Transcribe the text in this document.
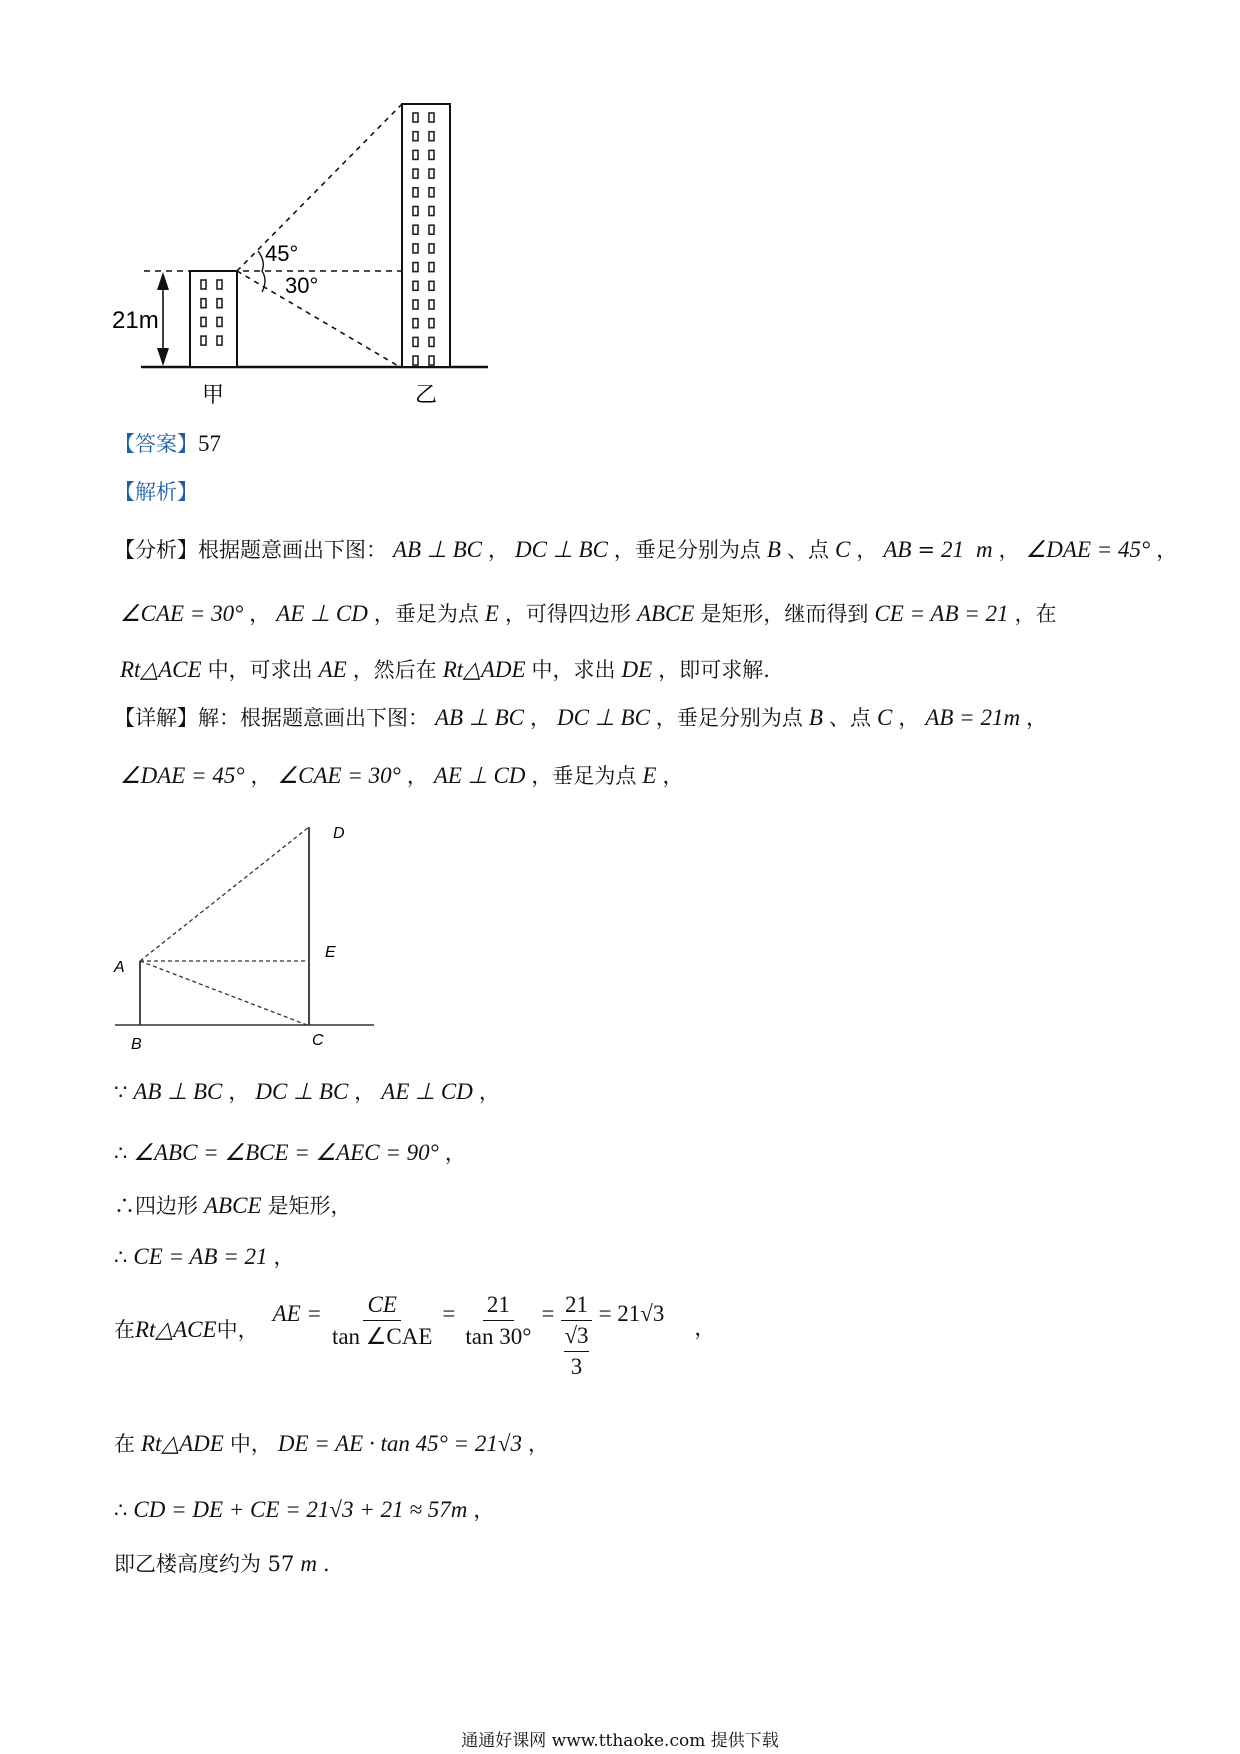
21m
45°
30°
甲	乙
【答案】57
【解析】
【分析】根据题意画出下图： AB ⊥ BC ， DC ⊥ BC ，垂足分别为点 B 、点 C ， AB = 21 m ， ∠DAE = 45° ，
∠CAE = 30° ， AE ⊥ CD ，垂足为点 E ，可得四边形 ABCE 是矩形，继而得到 CE = AB = 21 ，在
Rt△ACE 中，可求出 AE ，然后在 Rt△ADE 中，求出 DE ，即可求解.
【详解】解：根据题意画出下图： AB ⊥ BC ， DC ⊥ BC ，垂足分别为点 B 、点 C ， AB = 21m ，
∠DAE = 45° ， ∠CAE = 30° ， AE ⊥ CD ，垂足为点 E ，
D
E
A
B	C
∵ AB ⊥ BC ， DC ⊥ BC ， AE ⊥ CD ，
∴ ∠ABC = ∠BCE = ∠AEC = 90° ，
∴四边形 ABCE 是矩形，
∴ CE = AB = 21 ，
在 Rt△ACE 中，
AE = $\frac{CE}{\text{tan ∠CAE}} = \frac{21}{\tan 30^\circ} = 21$
√3
3 = 21√3
，
在 Rt△ADE 中， DE = AE · tan 45° = 21√3 ，
∴ CD = DE + CE = 21√3 + 21 ≈ 57m ，
即乙楼高度约为 57 m .
通通好课网 www.tthaoke.com 提供下载
